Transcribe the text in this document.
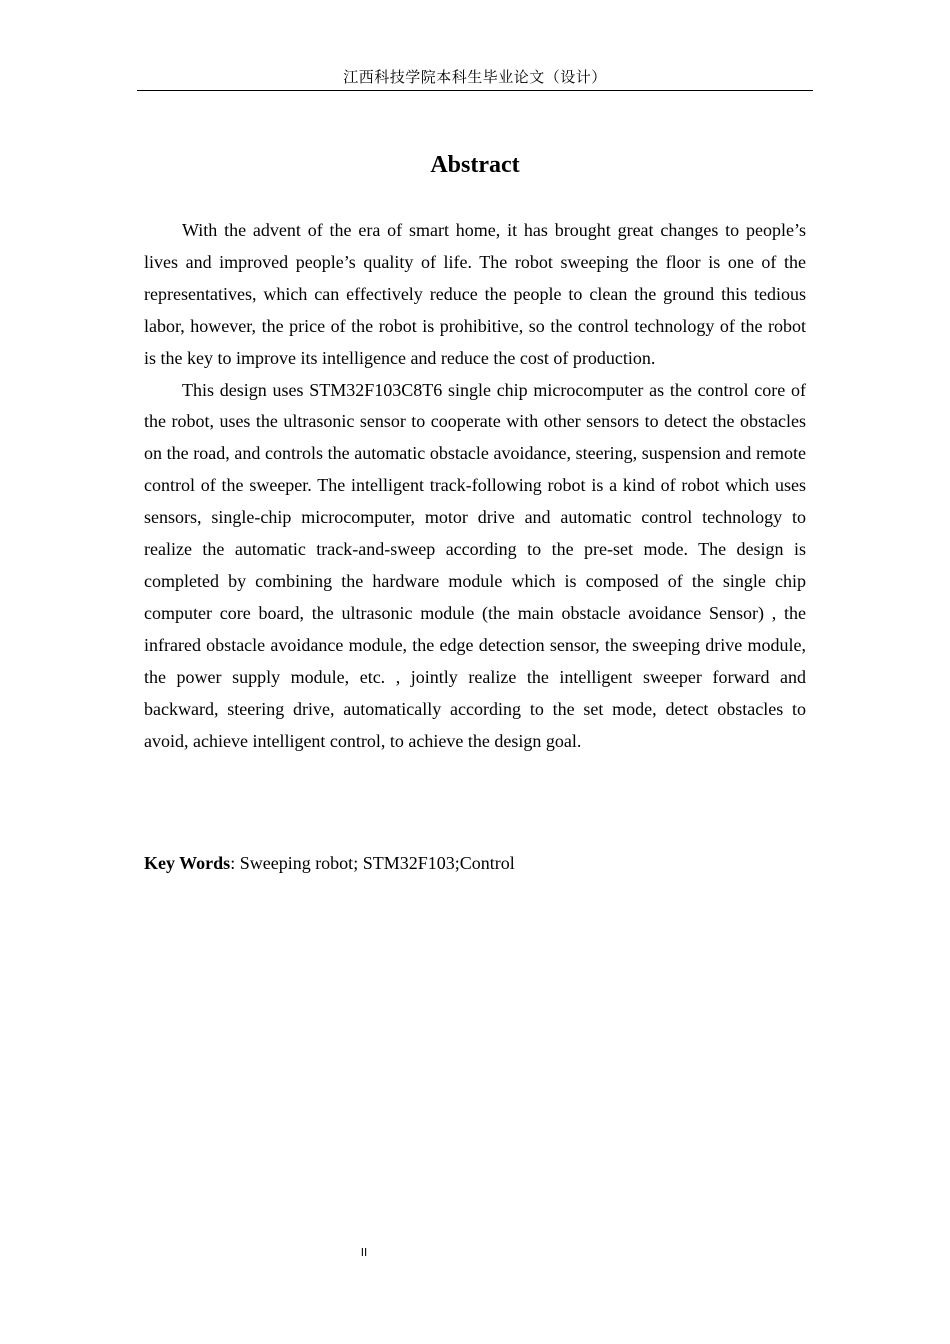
江西科技学院本科生毕业论文（设计）
Abstract

With the advent of the era of smart home, it has brought great changes to people’s lives and improved people’s quality of life. The robot sweeping the floor is one of the representatives, which can effectively reduce the people to clean the ground this tedious labor, however, the price of the robot is prohibitive, so the control technology of the robot is the key to improve its intelligence and reduce the cost of production.

This design uses STM32F103C8T6 single chip microcomputer as the control core of the robot, uses the ultrasonic sensor to cooperate with other sensors to detect the obstacles on the road, and controls the automatic obstacle avoidance, steering, suspension and remote control of the sweeper. The intelligent track-following robot is a kind of robot which uses sensors, single-chip microcomputer, motor drive and automatic control technology to realize the automatic track-and-sweep according to the pre-set mode. The design is completed by combining the hardware module which is composed of the single chip computer core board, the ultrasonic module (the main obstacle avoidance Sensor) , the infrared obstacle avoidance module, the edge detection sensor, the sweeping drive module, the power supply module, etc. , jointly realize the intelligent sweeper forward and backward, steering drive, automatically according to the set mode, detect obstacles to avoid, achieve intelligent control, to achieve the design goal.

Key Words: Sweeping robot; STM32F103;Control
II
